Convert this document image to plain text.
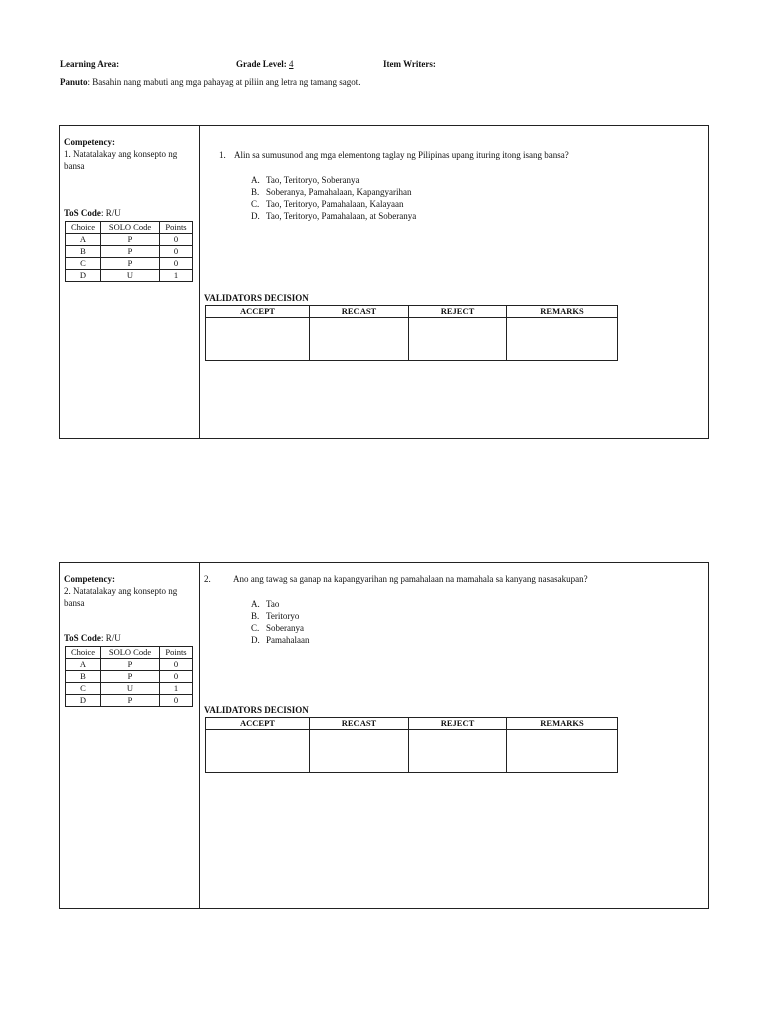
Learning Area:	Grade Level: 4	Item Writers:
Panuto: Basahin nang mabuti ang mga pahayag at piliin ang letra ng tamang sagot.
Competency:
1. Natatalakay ang konsepto ng bansa
ToS Code: R/U
Choice	SOLO Code	Points
A	P	0
B	P	0
C	P	0
D	U	1
1. Alin sa sumusunod ang mga elementong taglay ng Pilipinas upang ituring itong isang bansa?
A. Tao, Teritoryo, Soberanya
B. Soberanya, Pamahalaan, Kapangyarihan
C. Tao, Teritoryo, Pamahalaan, Kalayaan
D. Tao, Teritoryo, Pamahalaan, at Soberanya
VALIDATORS DECISION
ACCEPT	RECAST	REJECT	REMARKS

Competency:
2. Natatalakay ang konsepto ng bansa
ToS Code: R/U
Choice	SOLO Code	Points
A	P	0
B	P	0
C	U	1
D	P	0
2. Ano ang tawag sa ganap na kapangyarihan ng pamahalaan na mamahala sa kanyang nasasakupan?
A. Tao
B. Teritoryo
C. Soberanya
D. Pamahalaan
VALIDATORS DECISION
ACCEPT	RECAST	REJECT	REMARKS
